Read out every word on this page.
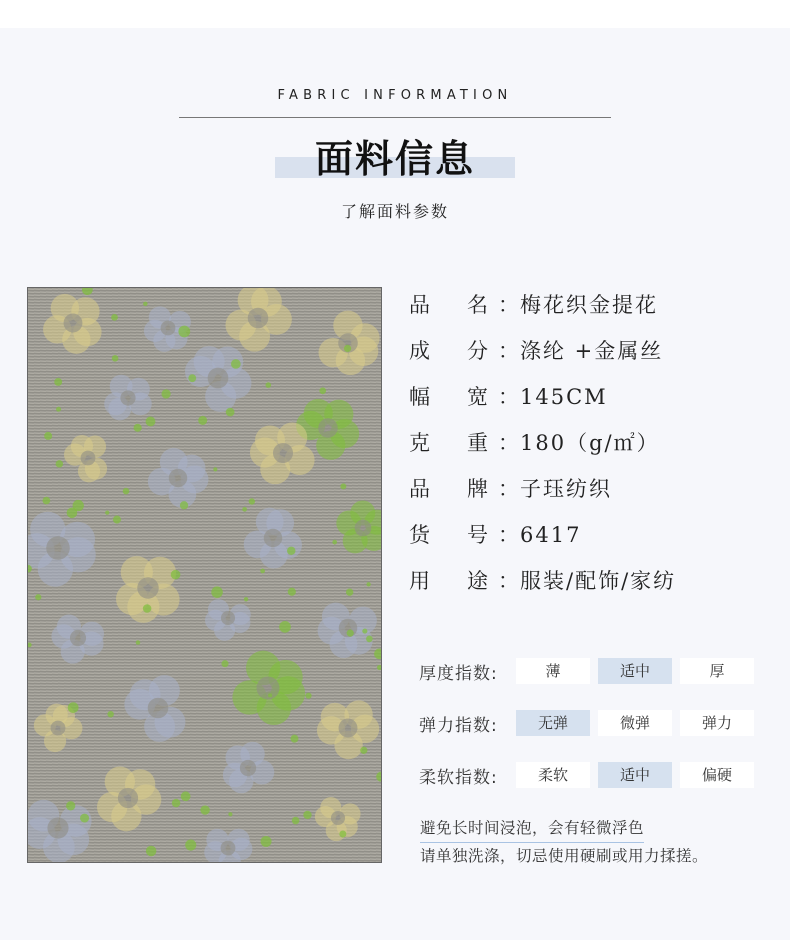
FABRIC INFORMATION
面料信息
了解面料参数
品	名 ： 梅花织金提花
成	分 ： 涤纶 +金属丝
幅	宽 ： 145CM
克	重 ： 180（g/㎡）
品	牌 ： 子珏纺织
货	号 ： 6417
用	途 ： 服装/配饰/家纺
厚度指数:	薄	适中	厚
弹力指数:	无弹	微弹	弹力
柔软指数:	柔软	适中	偏硬
避免长时间浸泡，会有轻微浮色
请单独洗涤，切忌使用硬刷或用力揉搓。
